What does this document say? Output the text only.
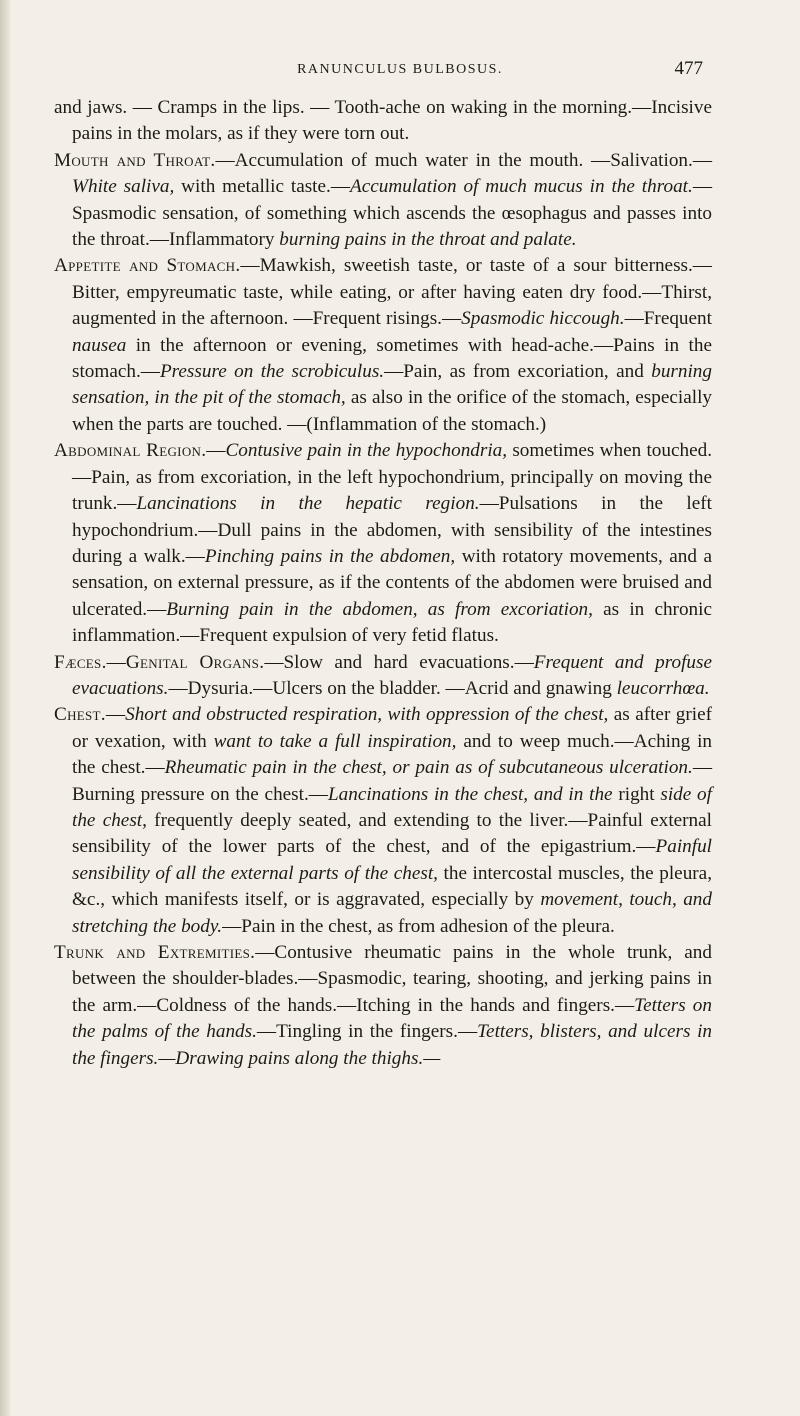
RANUNCULUS BULBOSUS.	477

and jaws. — Cramps in the lips. — Tooth-ache on waking in the morning.—Incisive pains in the molars, as if they were torn out.

Mouth and Throat.—Accumulation of much water in the mouth. —Salivation.—White saliva, with metallic taste.—Accumulation of much mucus in the throat.—Spasmodic sensation, of something which ascends the œsophagus and passes into the throat.—Inflammatory burning pains in the throat and palate.

Appetite and Stomach.—Mawkish, sweetish taste, or taste of a sour bitterness.—Bitter, empyreumatic taste, while eating, or after having eaten dry food.—Thirst, augmented in the afternoon. —Frequent risings.—Spasmodic hiccough.—Frequent nausea in the afternoon or evening, sometimes with head-ache.—Pains in the stomach.—Pressure on the scrobiculus.—Pain, as from excoriation, and burning sensation, in the pit of the stomach, as also in the orifice of the stomach, especially when the parts are touched. —(Inflammation of the stomach.)

Abdominal Region.—Contusive pain in the hypochondria, sometimes when touched.—Pain, as from excoriation, in the left hypochondrium, principally on moving the trunk.—Lancinations in the hepatic region.—Pulsations in the left hypochondrium.—Dull pains in the abdomen, with sensibility of the intestines during a walk.—Pinching pains in the abdomen, with rotatory movements, and a sensation, on external pressure, as if the contents of the abdomen were bruised and ulcerated.—Burning pain in the abdomen, as from excoriation, as in chronic inflammation.—Frequent expulsion of very fetid flatus.

Fæces.—Genital Organs.—Slow and hard evacuations.—Frequent and profuse evacuations.—Dysuria.—Ulcers on the bladder. —Acrid and gnawing leucorrhœa.

Chest.—Short and obstructed respiration, with oppression of the chest, as after grief or vexation, with want to take a full inspiration, and to weep much.—Aching in the chest.—Rheumatic pain in the chest, or pain as of subcutaneous ulceration.—Burning pressure on the chest.—Lancinations in the chest, and in the right side of the chest, frequently deeply seated, and extending to the liver.—Painful external sensibility of the lower parts of the chest, and of the epigastrium.—Painful sensibility of all the external parts of the chest, the intercostal muscles, the pleura, &c., which manifests itself, or is aggravated, especially by movement, touch, and stretching the body.—Pain in the chest, as from adhesion of the pleura.

Trunk and Extremities.—Contusive rheumatic pains in the whole trunk, and between the shoulder-blades.—Spasmodic, tearing, shooting, and jerking pains in the arm.—Coldness of the hands.—Itching in the hands and fingers.—Tetters on the palms of the hands.—Tingling in the fingers.—Tetters, blisters, and ulcers in the fingers.—Drawing pains along the thighs.—
